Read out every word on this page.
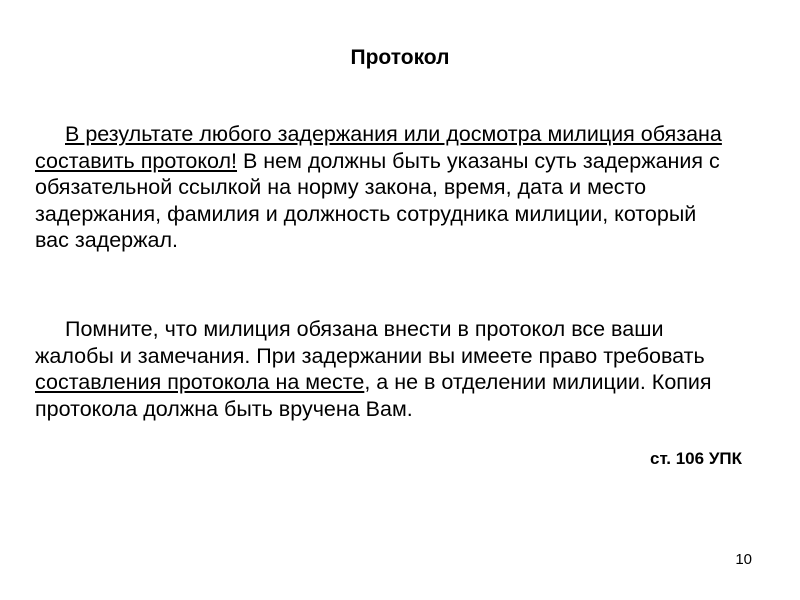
Протокол

В результате любого задержания или досмотра милиция обязана составить протокол! В нем должны быть указаны суть задержания с обязательной ссылкой на норму закона, время, дата и место задержания, фамилия и должность сотрудника милиции, который вас задержал.

Помните, что милиция обязана внести в протокол все ваши жалобы и замечания. При задержании вы имеете право требовать составления протокола на месте, а не в отделении милиции. Копия протокола должна быть вручена Вам.

ст. 106 УПК
10
